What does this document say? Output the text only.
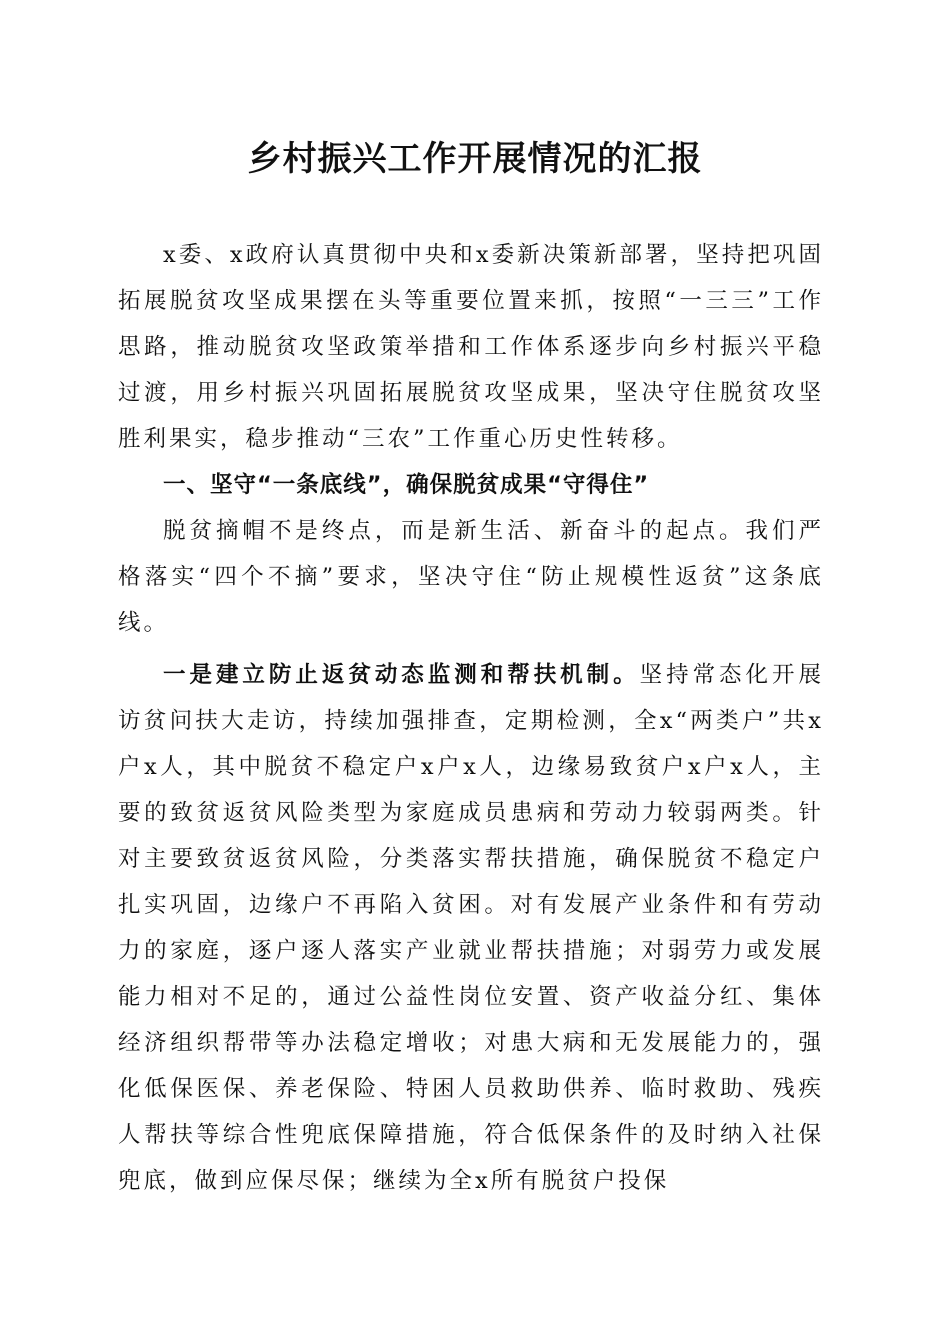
乡村振兴工作开展情况的汇报

x委、x政府认真贯彻中央和x委新决策新部署，坚持把巩固拓展脱贫攻坚成果摆在头等重要位置来抓，按照“一三三”工作思路，推动脱贫攻坚政策举措和工作体系逐步向乡村振兴平稳过渡，用乡村振兴巩固拓展脱贫攻坚成果，坚决守住脱贫攻坚胜利果实，稳步推动“三农”工作重心历史性转移。

一、坚守“一条底线”，确保脱贫成果“守得住”

脱贫摘帽不是终点，而是新生活、新奋斗的起点。我们严格落实“四个不摘”要求，坚决守住“防止规模性返贫”这条底线。

一是建立防止返贫动态监测和帮扶机制。坚持常态化开展访贫问扶大走访，持续加强排查，定期检测，全x“两类户”共x户x人，其中脱贫不稳定户x户x人，边缘易致贫户x户x人，主要的致贫返贫风险类型为家庭成员患病和劳动力较弱两类。针对主要致贫返贫风险，分类落实帮扶措施，确保脱贫不稳定户扎实巩固，边缘户不再陷入贫困。对有发展产业条件和有劳动力的家庭，逐户逐人落实产业就业帮扶措施；对弱劳力或发展能力相对不足的，通过公益性岗位安置、资产收益分红、集体经济组织帮带等办法稳定增收；对患大病和无发展能力的，强化低保医保、养老保险、特困人员救助供养、临时救助、残疾人帮扶等综合性兜底保障措施，符合低保条件的及时纳入社保兜底，做到应保尽保；继续为全x所有脱贫户投保
